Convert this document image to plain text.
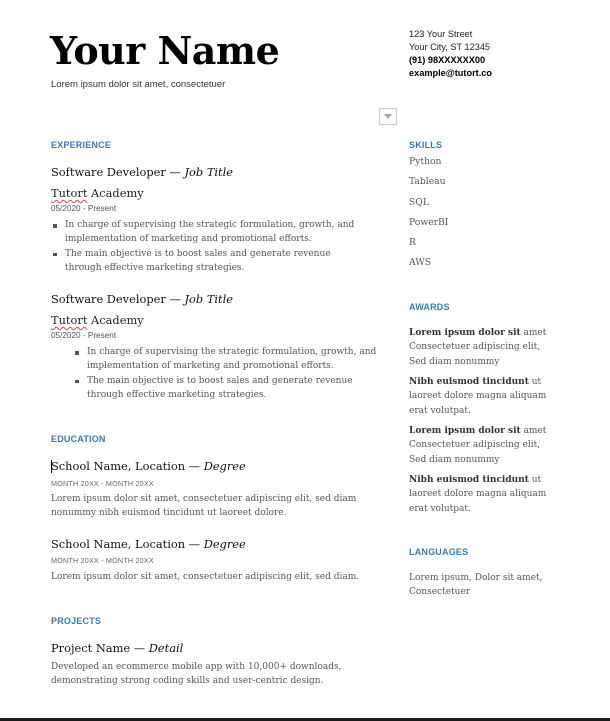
Your Name
Lorem ipsum dolor sit amet, consectetuer
123 Your Street
Your City, ST 12345
(91) 98XXXXXX00
example@tutort.co
EXPERIENCE
Software Developer — Job Title
Tutort Academy
05/2020 - Present
In charge of supervising the strategic formulation, growth, and implementation of marketing and promotional efforts.
The main objective is to boost sales and generate revenue through effective marketing strategies.
Software Developer — Job Title
Tutort Academy
05/2020 - Present
In charge of supervising the strategic formulation, growth, and implementation of marketing and promotional efforts.
The main objective is to boost sales and generate revenue through effective marketing strategies.
EDUCATION
School Name, Location — Degree
MONTH 20XX - MONTH 20XX
Lorem ipsum dolor sit amet, consectetuer adipiscing elit, sed diam nonummy nibh euismod tincidunt ut laoreet dolore.
School Name, Location — Degree
MONTH 20XX - MONTH 20XX
Lorem ipsum dolor sit amet, consectetuer adipiscing elit, sed diam.
PROJECTS
Project Name — Detail
Developed an ecommerce mobile app with 10,000+ downloads, demonstrating strong coding skills and user-centric design.
SKILLS
Python
Tableau
SQL
PowerBI
R
AWS
AWARDS
Lorem ipsum dolor sit amet Consectetuer adipiscing elit, Sed diam nonummy
Nibh euismod tincidunt ut laoreet dolore magna aliquam erat volutpat.
Lorem ipsum dolor sit amet Consectetuer adipiscing elit, Sed diam nonummy
Nibh euismod tincidunt ut laoreet dolore magna aliquam erat volutpat.
LANGUAGES
Lorem ipsum, Dolor sit amet, Consectetuer
